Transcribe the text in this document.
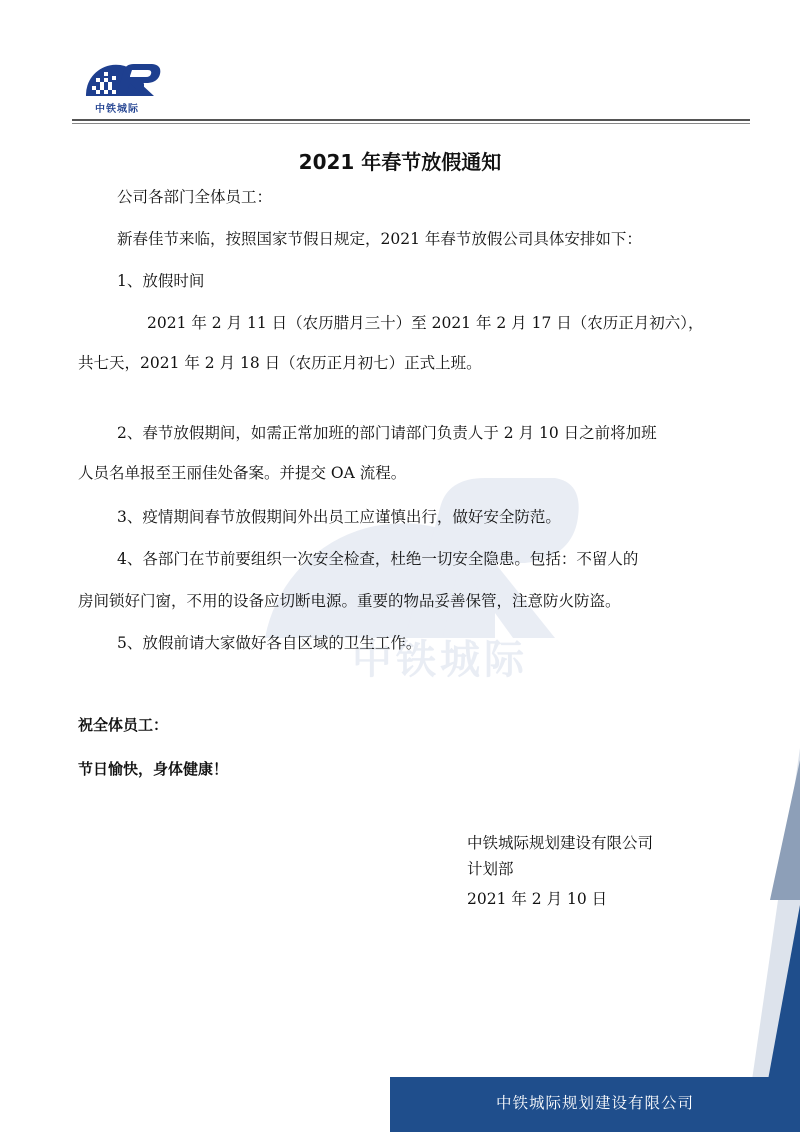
中铁城际
中铁城际
2021 年春节放假通知
公司各部门全体员工：
新春佳节来临，按照国家节假日规定，2021 年春节放假公司具体安排如下：
1、放假时间
2021 年 2 月 11 日（农历腊月三十）至 2021 年 2 月 17 日（农历正月初六），
共七天，2021 年 2 月 18 日（农历正月初七）正式上班。
2、春节放假期间，如需正常加班的部门请部门负责人于 2 月 10 日之前将加班
人员名单报至王丽佳处备案。并提交 OA 流程。
3、疫情期间春节放假期间外出员工应谨慎出行，做好安全防范。
4、各部门在节前要组织一次安全检查，杜绝一切安全隐患。包括：不留人的
房间锁好门窗，不用的设备应切断电源。重要的物品妥善保管，注意防火防盗。
5、放假前请大家做好各自区域的卫生工作。
祝全体员工：
节日愉快，身体健康！
中铁城际规划建设有限公司
计划部
2021 年 2 月 10 日
中铁城际规划建设有限公司
